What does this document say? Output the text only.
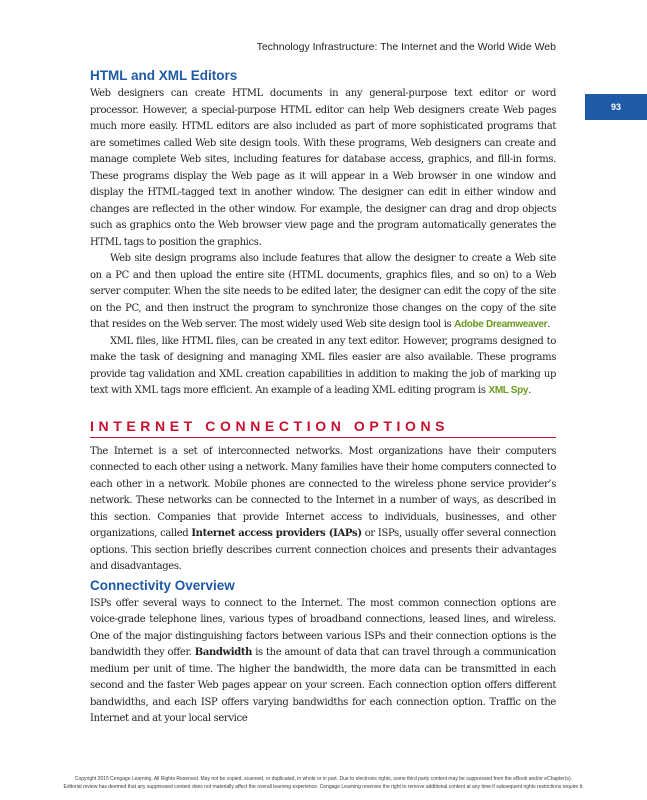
Technology Infrastructure: The Internet and the World Wide Web
93
HTML and XML Editors

Web designers can create HTML documents in any general-purpose text editor or word processor. However, a special-purpose HTML editor can help Web designers create Web pages much more easily. HTML editors are also included as part of more sophisticated programs that are sometimes called Web site design tools. With these programs, Web designers can create and manage complete Web sites, including features for database access, graphics, and fill-in forms. These programs display the Web page as it will appear in a Web browser in one window and display the HTML-tagged text in another window. The designer can edit in either window and changes are reflected in the other window. For example, the designer can drag and drop objects such as graphics onto the Web browser view page and the program automatically generates the HTML tags to position the graphics.

Web site design programs also include features that allow the designer to create a Web site on a PC and then upload the entire site (HTML documents, graphics files, and so on) to a Web server computer. When the site needs to be edited later, the designer can edit the copy of the site on the PC, and then instruct the program to synchronize those changes on the copy of the site that resides on the Web server. The most widely used Web site design tool is Adobe Dreamweaver.

XML files, like HTML files, can be created in any text editor. However, programs designed to make the task of designing and managing XML files easier are also available. These programs provide tag validation and XML creation capabilities in addition to making the job of marking up text with XML tags more efficient. An example of a leading XML editing program is XML Spy.

INTERNET CONNECTION OPTIONS

The Internet is a set of interconnected networks. Most organizations have their computers connected to each other using a network. Many families have their home computers connected to each other in a network. Mobile phones are connected to the wireless phone service provider’s network. These networks can be connected to the Internet in a number of ways, as described in this section. Companies that provide Internet access to individuals, businesses, and other organizations, called Internet access providers (IAPs) or ISPs, usually offer several connection options. This section briefly describes current connection choices and presents their advantages and disadvantages.

Connectivity Overview

ISPs offer several ways to connect to the Internet. The most common connection options are voice-grade telephone lines, various types of broadband connections, leased lines, and wireless. One of the major distinguishing factors between various ISPs and their connection options is the bandwidth they offer. Bandwidth is the amount of data that can travel through a communication medium per unit of time. The higher the bandwidth, the more data can be transmitted in each second and the faster Web pages appear on your screen. Each connection option offers different bandwidths, and each ISP offers varying bandwidths for each connection option. Traffic on the Internet and at your local service

Copyright 2015 Cengage Learning. All Rights Reserved. May not be copied, scanned, or duplicated, in whole or in part. Due to electronic rights, some third party content may be suppressed from the eBook and/or eChapter(s).
Editorial review has deemed that any suppressed content does not materially affect the overall learning experience. Cengage Learning reserves the right to remove additional content at any time if subsequent rights restrictions require it.
